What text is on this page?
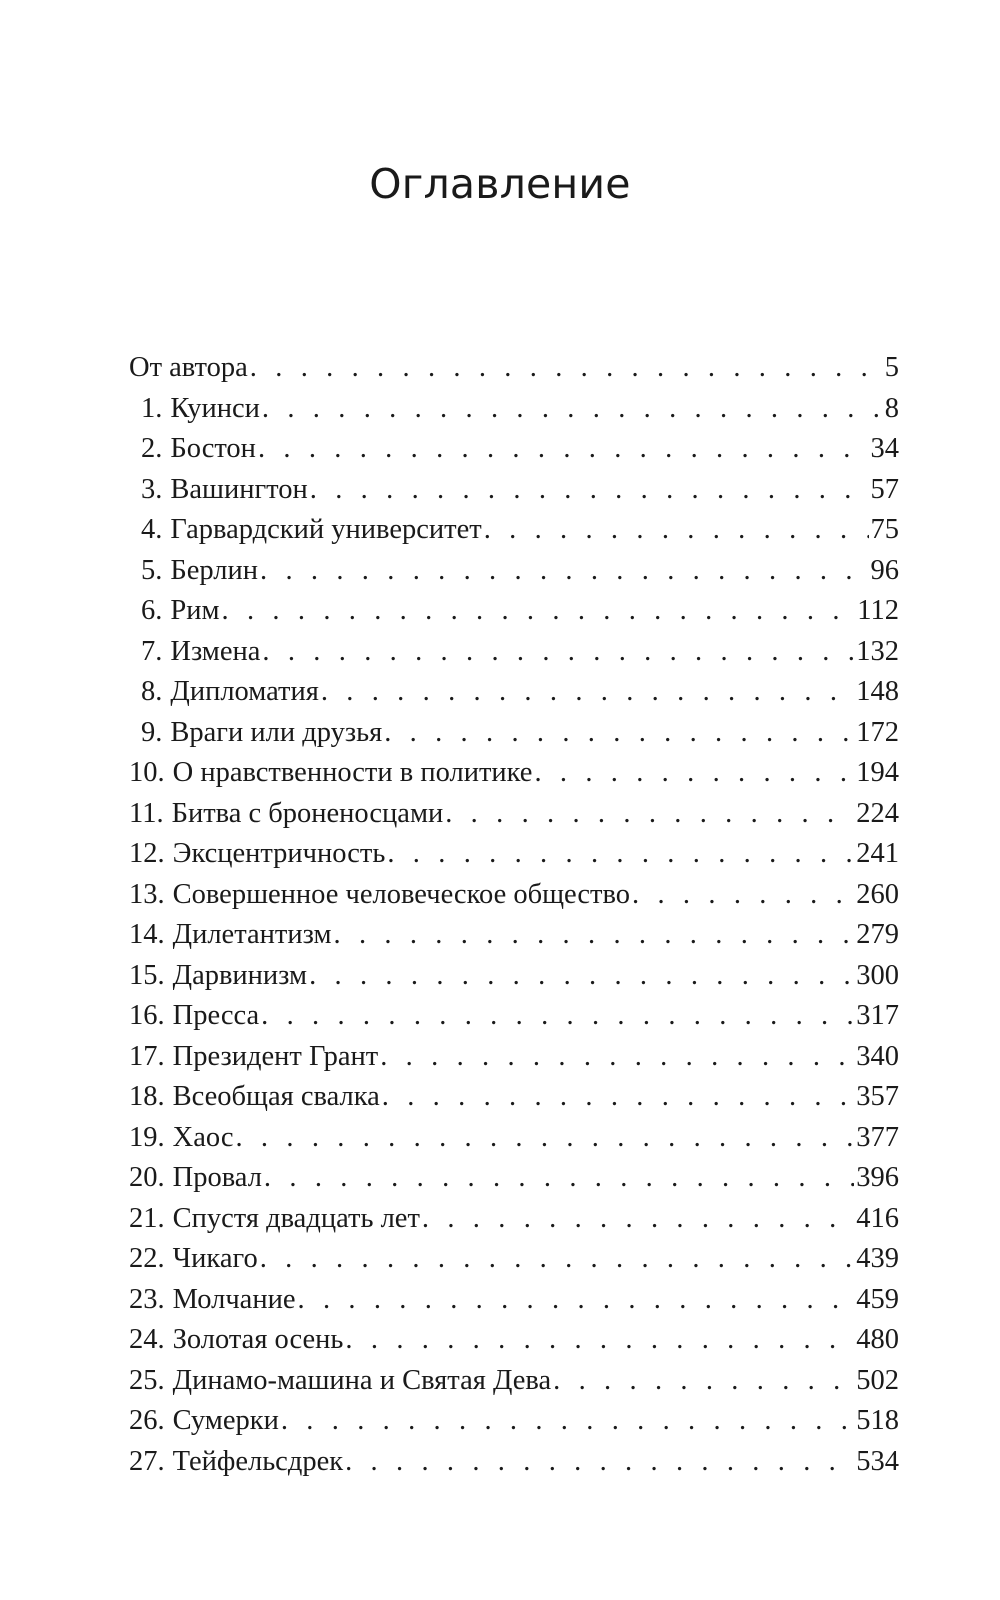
Оглавление
От автора . . .	5
1. Куинси . . .	8
2. Бостон . . .	34
3. Вашингтон . . .	57
4. Гарвардский университет . . .	75
5. Берлин . . .	96
6. Рим . . .	112
7. Измена . . .	132
8. Дипломатия . . .	148
9. Враги или друзья . . .	172
10. О нравственности в политике . . .	194
11. Битва с броненосцами . . .	224
12. Эксцентричность . . .	241
13. Совершенное человеческое общество . . .	260
14. Дилетантизм . . .	279
15. Дарвинизм . . .	300
16. Пресса . . .	317
17. Президент Грант . . .	340
18. Всеобщая свалка . . .	357
19. Хаос . . .	377
20. Провал . . .	396
21. Спустя двадцать лет . . .	416
22. Чикаго . . .	439
23. Молчание . . .	459
24. Золотая осень . . .	480
25. Динамо-машина и Святая Дева . . .	502
26. Сумерки . . .	518
27. Тейфельсдрек . . .	534
